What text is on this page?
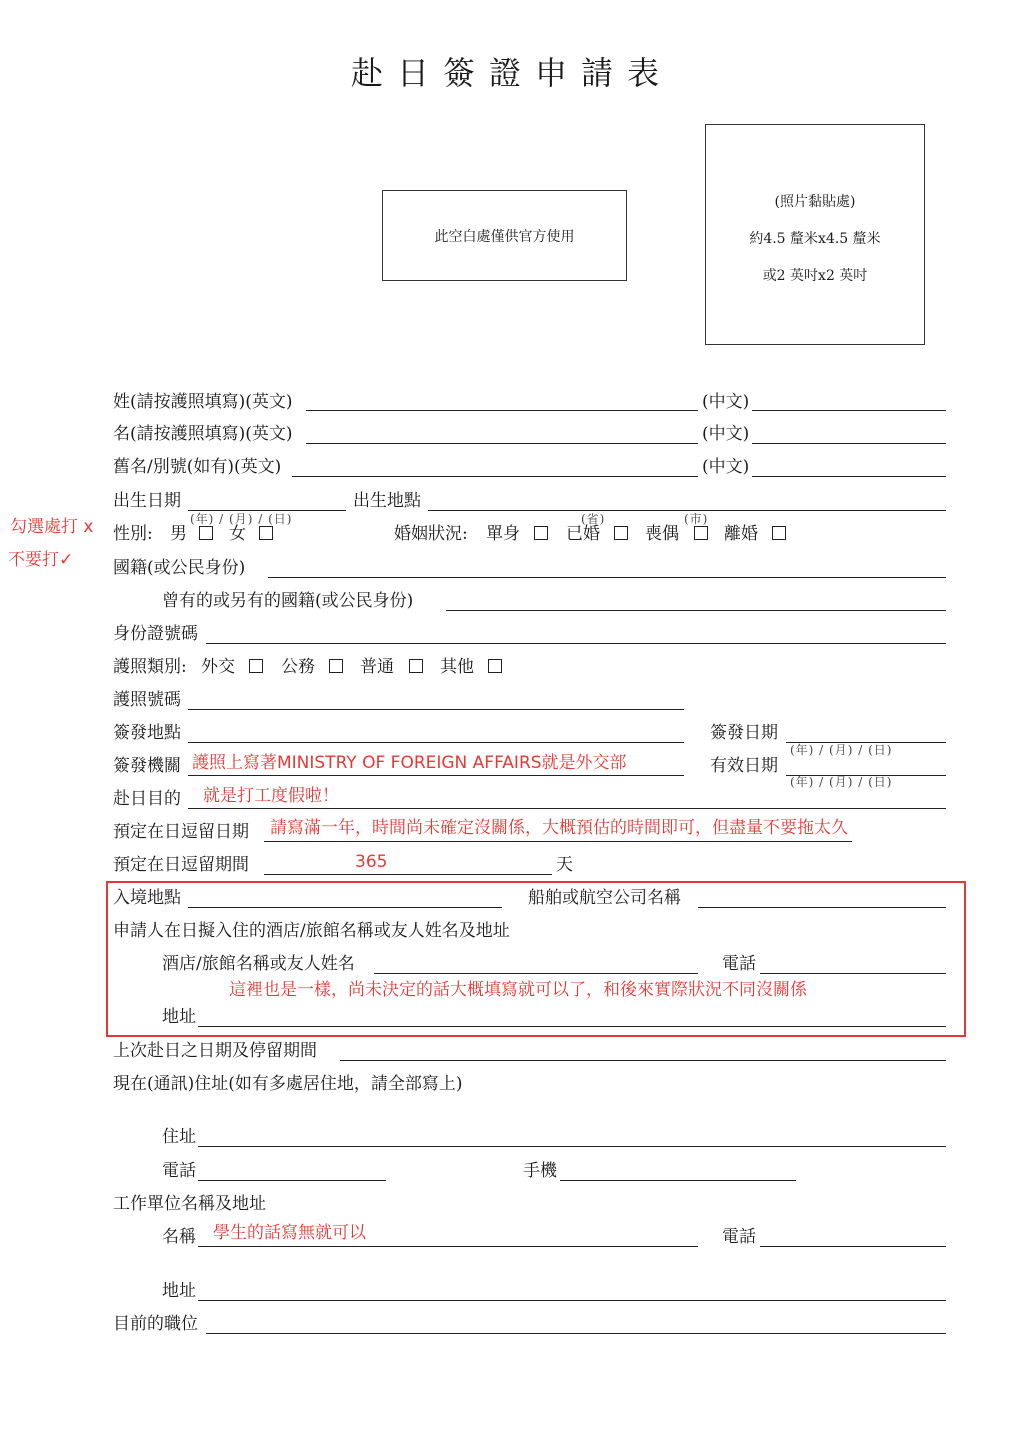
赴日簽證申請表
此空白處僅供官方使用
(照片黏貼處)
約4.5 釐米x4.5 釐米
或2 英吋x2 英吋
姓(請按護照填寫)(英文)	(中文)
名(請按護照填寫)(英文)	(中文)
舊名/別號(如有)(英文)	(中文)
出生日期
(年) / (月) / (日)
出生地點
(省)	(市)
勾選處打 x
不要打✓
性別: 男 女	婚姻狀況: 單身	已婚	喪偶	離婚
國籍(或公民身份)
曾有的或另有的國籍(或公民身份)
身份證號碼
護照類別: 外交	公務	普通	其他
護照號碼
簽發地點	簽發日期
(年) / (月) / (日)
簽發機關 護照上寫著MINISTRY OF FOREIGN AFFAIRS就是外交部	有效日期
(年) / (月) / (日)
赴日目的 就是打工度假啦！
預定在日逗留日期 請寫滿一年，時間尚未確定沒關係，大概預估的時間即可，但盡量不要拖太久
預定在日逗留期間	365	天
入境地點	船舶或航空公司名稱
申請人在日擬入住的酒店/旅館名稱或友人姓名及地址
酒店/旅館名稱或友人姓名	電話
這裡也是一樣，尚未決定的話大概填寫就可以了，和後來實際狀況不同沒關係
地址
上次赴日之日期及停留期間
現在(通訊)住址(如有多處居住地，請全部寫上)
住址
電話	手機
工作單位名稱及地址
名稱 學生的話寫無就可以	電話
地址
目前的職位
